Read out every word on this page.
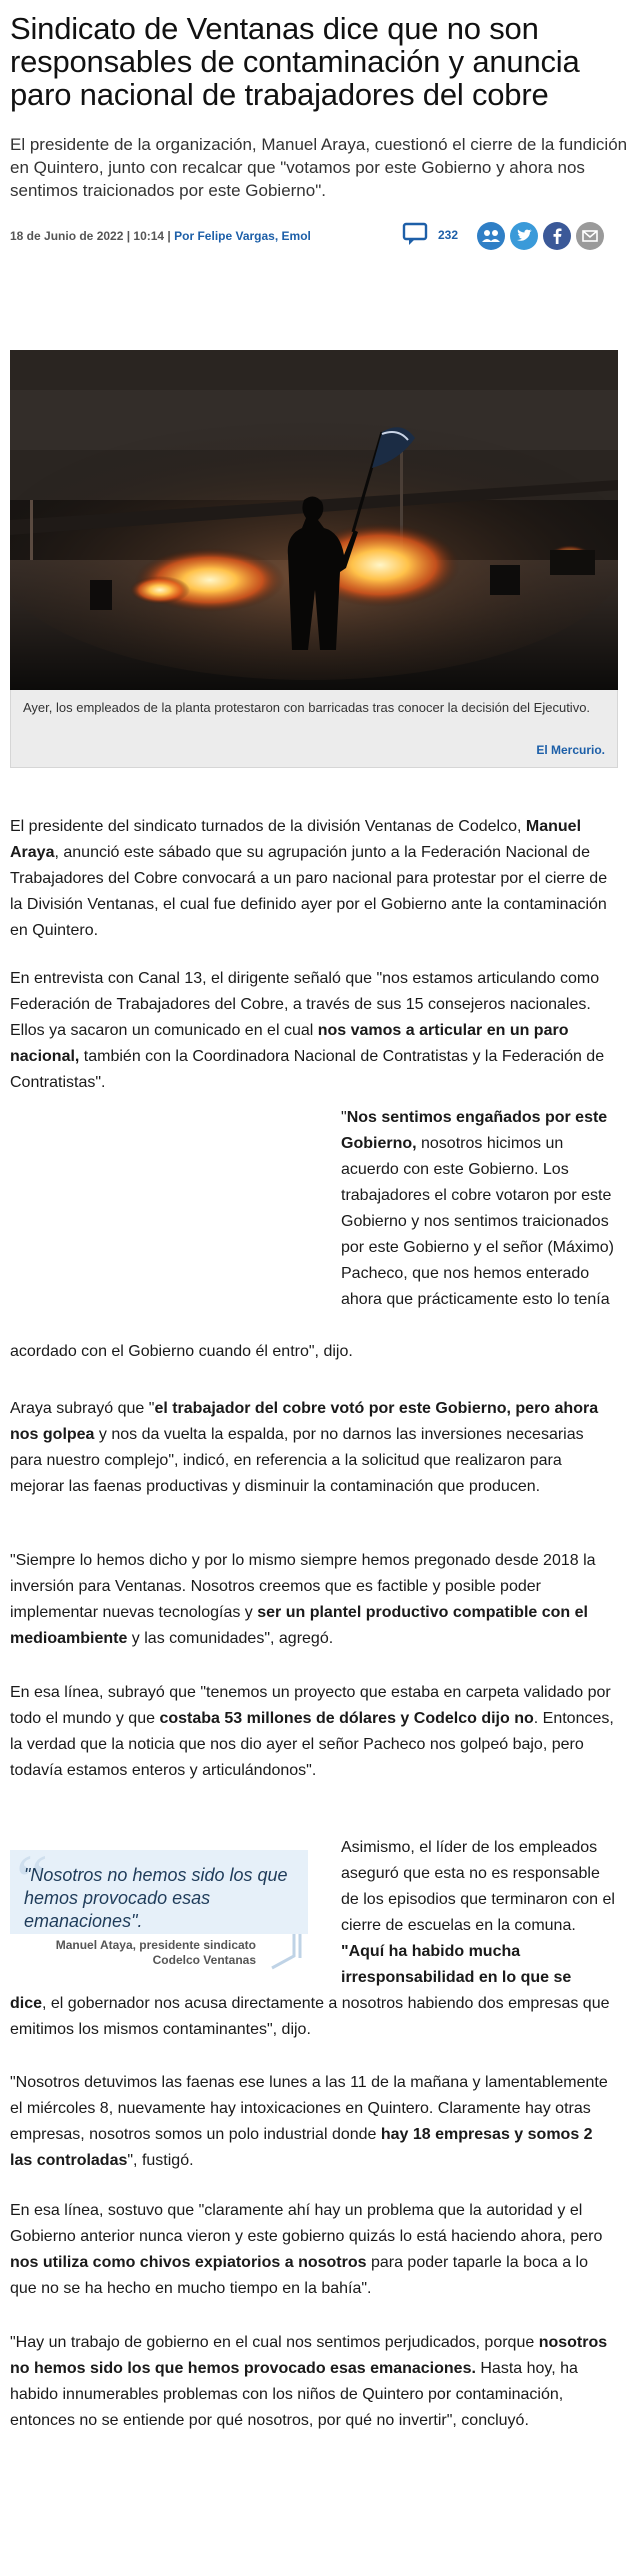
Sindicato de Ventanas dice que no son responsables de contaminación y anuncia paro nacional de trabajadores del cobre

El presidente de la organización, Manuel Araya, cuestionó el cierre de la fundición en Quintero, junto con recalcar que "votamos por este Gobierno y ahora nos sentimos traicionados por este Gobierno".

18 de Junio de 2022 | 10:14 | Por Felipe Vargas, Emol	232

Ayer, los empleados de la planta protestaron con barricadas tras conocer la decisión del Ejecutivo.

El Mercurio.

El presidente del sindicato turnados de la división Ventanas de Codelco, Manuel Araya, anunció este sábado que su agrupación junto a la Federación Nacional de Trabajadores del Cobre convocará a un paro nacional para protestar por el cierre de la División Ventanas, el cual fue definido ayer por el Gobierno ante la contaminación en Quintero.

En entrevista con Canal 13, el dirigente señaló que "nos estamos articulando como Federación de Trabajadores del Cobre, a través de sus 15 consejeros nacionales. Ellos ya sacaron un comunicado en el cual nos vamos a articular en un paro nacional, también con la Coordinadora Nacional de Contratistas y la Federación de Contratistas".

"Nos sentimos engañados por este Gobierno, nosotros hicimos un acuerdo con este Gobierno. Los trabajadores el cobre votaron por este Gobierno y nos sentimos traicionados por este Gobierno y el señor (Máximo) Pacheco, que nos hemos enterado ahora que prácticamente esto lo tenía

acordado con el Gobierno cuando él entro", dijo.

Araya subrayó que "el trabajador del cobre votó por este Gobierno, pero ahora nos golpea y nos da vuelta la espalda, por no darnos las inversiones necesarias para nuestro complejo", indicó, en referencia a la solicitud que realizaron para mejorar las faenas productivas y disminuir la contaminación que producen.

"Siempre lo hemos dicho y por lo mismo siempre hemos pregonado desde 2018 la inversión para Ventanas. Nosotros creemos que es factible y posible poder implementar nuevas tecnologías y ser un plantel productivo compatible con el medioambiente y las comunidades", agregó.

En esa línea, subrayó que "tenemos un proyecto que estaba en carpeta validado por todo el mundo y que costaba 53 millones de dólares y Codelco dijo no. Entonces, la verdad que la noticia que nos dio ayer el señor Pacheco nos golpeó bajo, pero todavía estamos enteros y articulándonos".

“

"Nosotros no hemos sido los que hemos provocado esas emanaciones".

Manuel Ataya, presidente sindicato
Codelco Ventanas

Asimismo, el líder de los empleados aseguró que esta no es responsable de los episodios que terminaron con el cierre de escuelas en la comuna. "Aquí ha habido mucha irresponsabilidad en lo que se

dice, el gobernador nos acusa directamente a nosotros habiendo dos empresas que emitimos los mismos contaminantes", dijo.

"Nosotros detuvimos las faenas ese lunes a las 11 de la mañana y lamentablemente el miércoles 8, nuevamente hay intoxicaciones en Quintero. Claramente hay otras empresas, nosotros somos un polo industrial donde hay 18 empresas y somos 2 las controladas", fustigó.

En esa línea, sostuvo que "claramente ahí hay un problema que la autoridad y el Gobierno anterior nunca vieron y este gobierno quizás lo está haciendo ahora, pero nos utiliza como chivos expiatorios a nosotros para poder taparle la boca a lo que no se ha hecho en mucho tiempo en la bahía".

"Hay un trabajo de gobierno en el cual nos sentimos perjudicados, porque nosotros no hemos sido los que hemos provocado esas emanaciones. Hasta hoy, ha habido innumerables problemas con los niños de Quintero por contaminación, entonces no se entiende por qué nosotros, por qué no invertir", concluyó.
